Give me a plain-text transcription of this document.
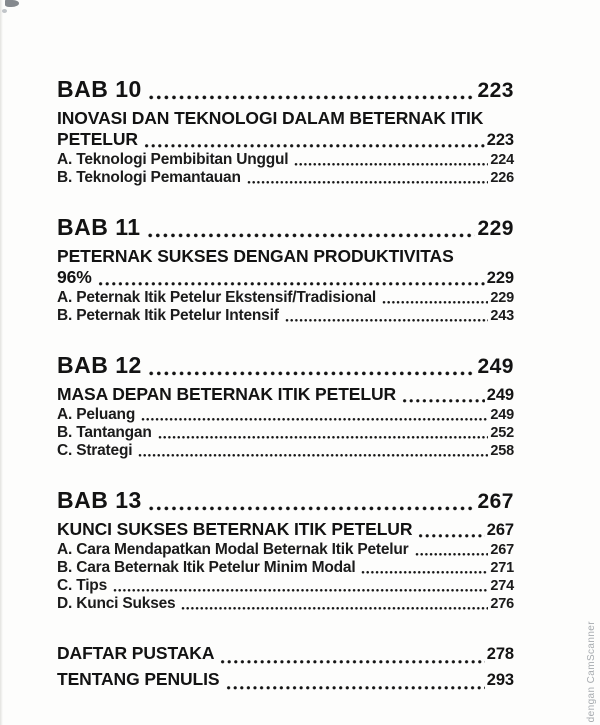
BAB 10	223
INOVASI DAN TEKNOLOGI DALAM BETERNAK ITIK
PETELUR	223
A. Teknologi Pembibitan Unggul	224
B. Teknologi Pemantauan	226
BAB 11	229
PETERNAK SUKSES DENGAN PRODUKTIVITAS
96%	229
A. Peternak Itik Petelur Ekstensif/Tradisional	229
B. Peternak Itik Petelur Intensif	243
BAB 12	249
MASA DEPAN BETERNAK ITIK PETELUR	249
A. Peluang	249
B. Tantangan	252
C. Strategi	258
BAB 13	267
KUNCI SUKSES BETERNAK ITIK PETELUR	267
A. Cara Mendapatkan Modal Beternak Itik Petelur	267
B. Cara Beternak Itik Petelur Minim Modal	271
C. Tips	274
D. Kunci Sukses	276
DAFTAR PUSTAKA	278
TENTANG PENULIS	293	dengan CamScanner
